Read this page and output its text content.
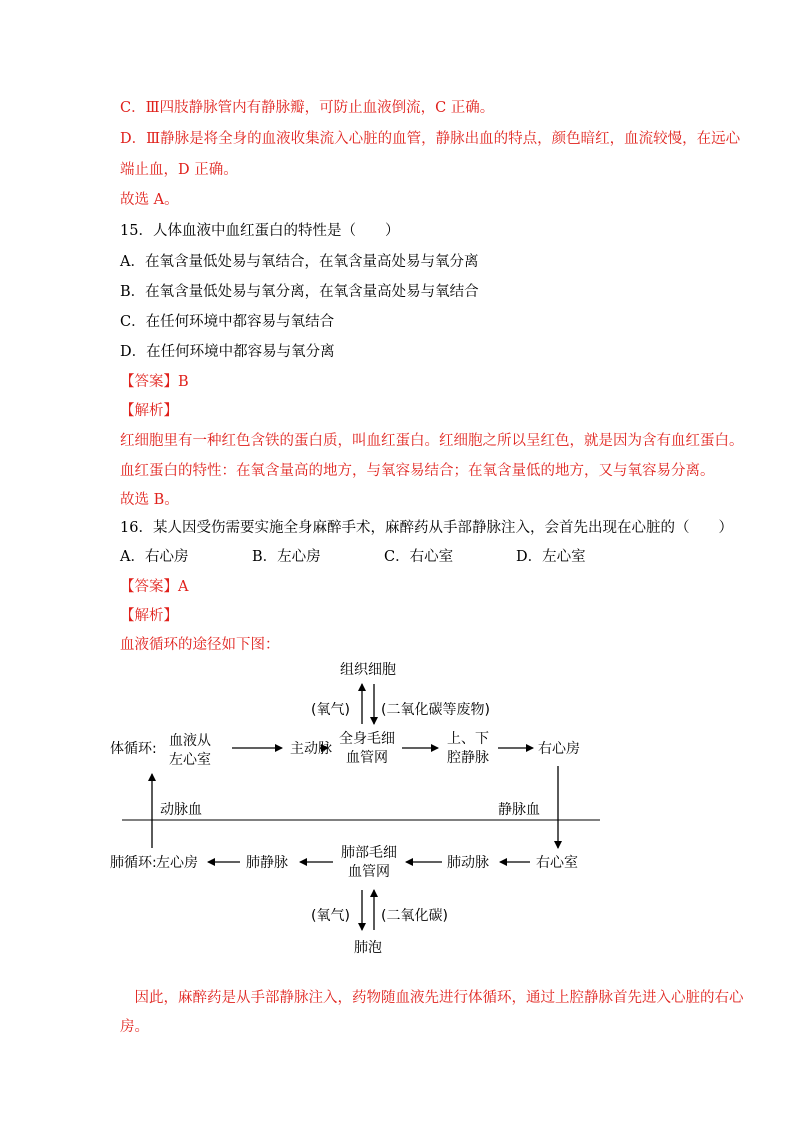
C．Ⅲ四肢静脉管内有静脉瓣，可防止血液倒流，C 正确。
D．Ⅲ静脉是将全身的血液收集流入心脏的血管，静脉出血的特点，颜色暗红，血流较慢，在远心
端止血，D 正确。
故选 A。
15．人体血液中血红蛋白的特性是（　　）
A．在氧含量低处易与氧结合，在氧含量高处易与氧分离
B．在氧含量低处易与氧分离，在氧含量高处易与氧结合
C．在任何环境中都容易与氧结合
D．在任何环境中都容易与氧分离
【答案】B
【解析】
红细胞里有一种红色含铁的蛋白质，叫血红蛋白。红细胞之所以呈红色，就是因为含有血红蛋白。
血红蛋白的特性：在氧含量高的地方，与氧容易结合；在氧含量低的地方，又与氧容易分离。
故选 B。
16．某人因受伤需要实施全身麻醉手术，麻醉药从手部静脉注入，会首先出现在心脏的（　　）
A．右心房	B．左心房	C．右心室	D．左心室
【答案】A
【解析】
血液循环的途径如下图：
组织细胞
(氧气) (二氧化碳等废物)
体循环: 血液从
左心室
主动脉
全身毛细
血管网
上、下
腔静脉
右心房
动脉血	静脉血
肺循环: 左心房	肺静脉
肺部毛细
血管网
肺动脉	右心室
(氧气) (二氧化碳)
肺泡
　因此，麻醉药是从手部静脉注入，药物随血液先进行体循环，通过上腔静脉首先进入心脏的右心
房。
